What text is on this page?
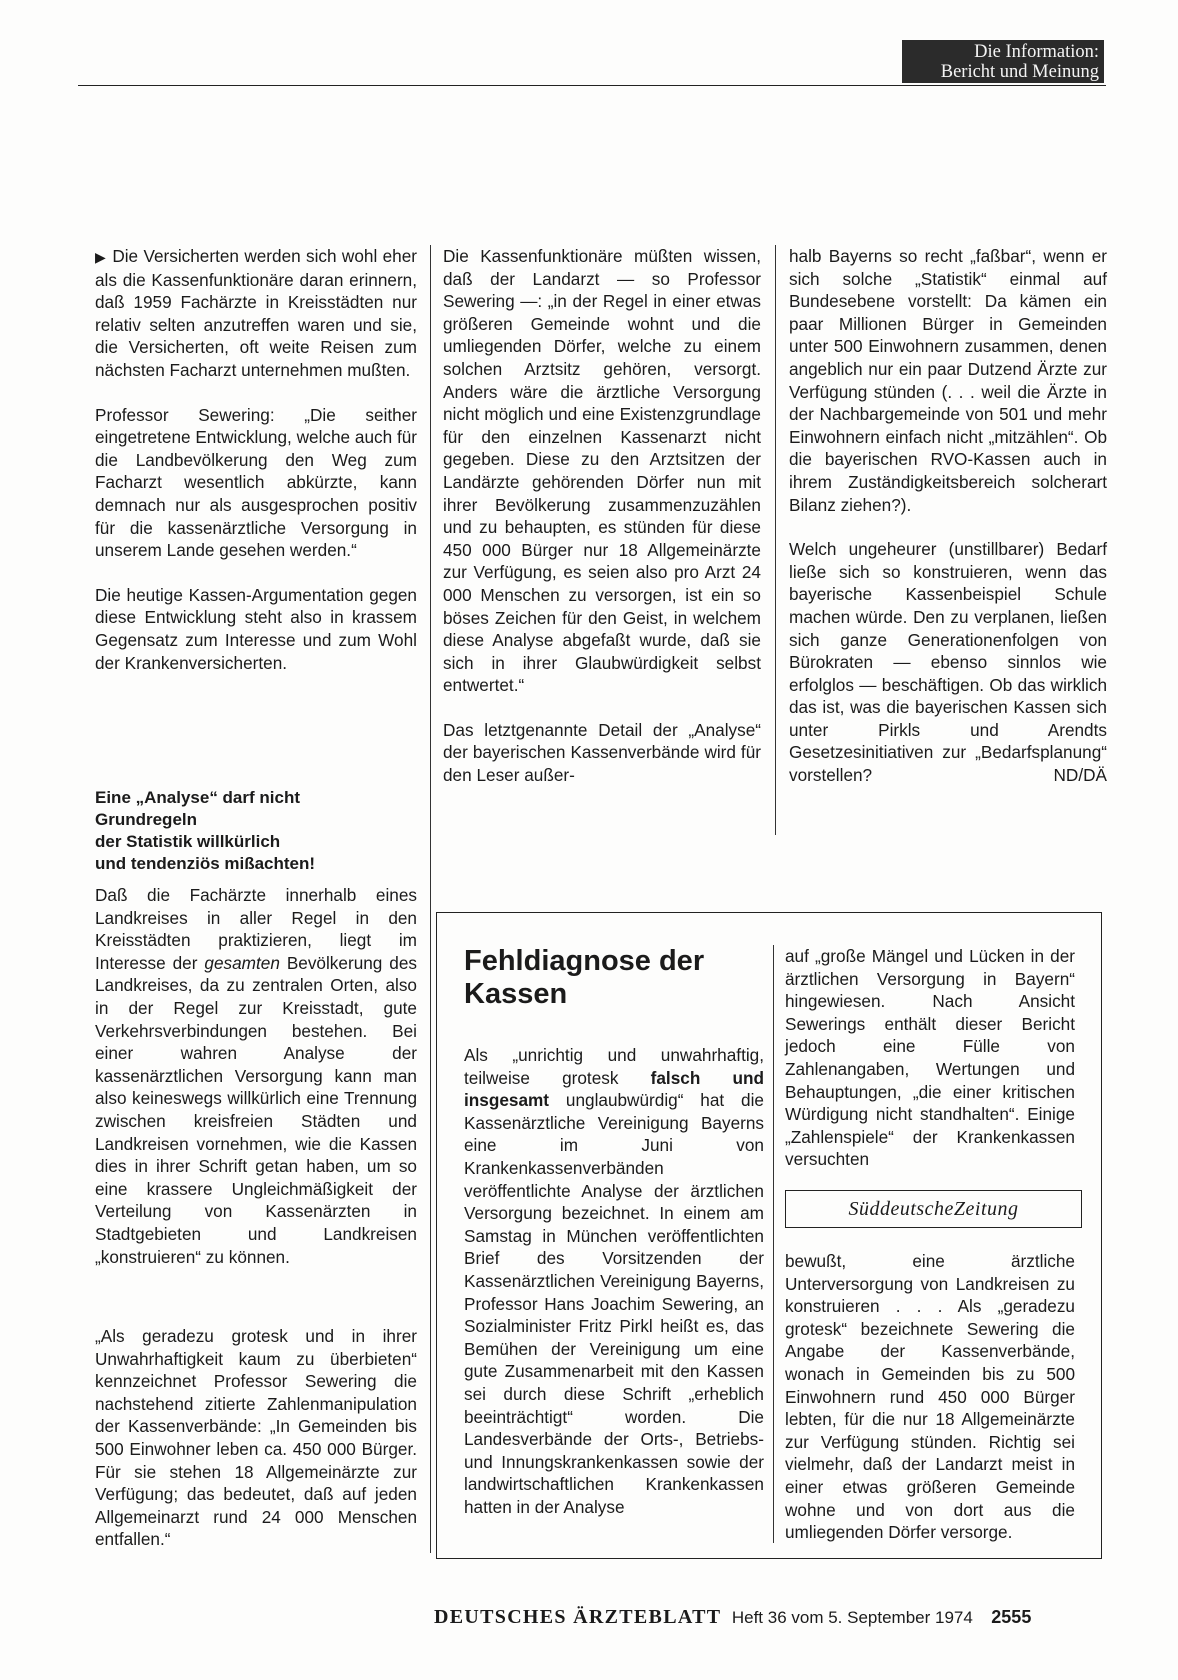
Die Information:
Bericht und Meinung

▶ Die Versicherten werden sich wohl eher als die Kassenfunktionäre daran erinnern, daß 1959 Fachärzte in Kreisstädten nur relativ selten anzutreffen waren und sie, die Versicherten, oft weite Reisen zum nächsten Facharzt unternehmen mußten.

Professor Sewering: „Die seither eingetretene Entwicklung, welche auch für die Landbevölkerung den Weg zum Facharzt wesentlich abkürzte, kann demnach nur als ausgesprochen positiv für die kassenärztliche Versorgung in unserem Lande gesehen werden.“

Die heutige Kassen-Argumentation gegen diese Entwicklung steht also in krassem Gegensatz zum Interesse und zum Wohl der Krankenversicherten.

Eine „Analyse“ darf nicht
Grundregeln
der Statistik willkürlich
und tendenziös mißachten!

Daß die Fachärzte innerhalb eines Landkreises in aller Regel in den Kreisstädten praktizieren, liegt im Interesse der gesamten Bevölkerung des Landkreises, da zu zentralen Orten, also in der Regel zur Kreisstadt, gute Verkehrsverbindungen bestehen. Bei einer wahren Analyse der kassenärztlichen Versorgung kann man also keineswegs willkürlich eine Trennung zwischen kreisfreien Städten und Landkreisen vornehmen, wie die Kassen dies in ihrer Schrift getan haben, um so eine krassere Ungleichmäßigkeit der Verteilung von Kassenärzten in Stadtgebieten und Landkreisen „konstruieren“ zu können.

„Als geradezu grotesk und in ihrer Unwahrhaftigkeit kaum zu überbieten“ kennzeichnet Professor Sewering die nachstehend zitierte Zahlenmanipulation der Kassenverbände: „In Gemeinden bis 500 Einwohner leben ca. 450 000 Bürger. Für sie stehen 18 Allgemeinärzte zur Verfügung; das bedeutet, daß auf jeden Allgemeinarzt rund 24 000 Menschen entfallen.“

Die Kassenfunktionäre müßten wissen, daß der Landarzt — so Professor Sewering —: „in der Regel in einer etwas größeren Gemeinde wohnt und die umliegenden Dörfer, welche zu einem solchen Arztsitz gehören, versorgt. Anders wäre die ärztliche Versorgung nicht möglich und eine Existenzgrundlage für den einzelnen Kassenarzt nicht gegeben. Diese zu den Arztsitzen der Landärzte gehörenden Dörfer nun mit ihrer Bevölkerung zusammenzuzählen und zu behaupten, es stünden für diese 450 000 Bürger nur 18 Allgemeinärzte zur Verfügung, es seien also pro Arzt 24 000 Menschen zu versorgen, ist ein so böses Zeichen für den Geist, in welchem diese Analyse abgefaßt wurde, daß sie sich in ihrer Glaubwürdigkeit selbst entwertet.“

Das letztgenannte Detail der „Analyse“ der bayerischen Kassenverbände wird für den Leser außer-

halb Bayerns so recht „faßbar“, wenn er sich solche „Statistik“ einmal auf Bundesebene vorstellt: Da kämen ein paar Millionen Bürger in Gemeinden unter 500 Einwohnern zusammen, denen angeblich nur ein paar Dutzend Ärzte zur Verfügung stünden (. . . weil die Ärzte in der Nachbargemeinde von 501 und mehr Einwohnern einfach nicht „mitzählen“. Ob die bayerischen RVO-Kassen auch in ihrem Zuständigkeitsbereich solcherart Bilanz ziehen?).

Welch ungeheurer (unstillbarer) Bedarf ließe sich so konstruieren, wenn das bayerische Kassenbeispiel Schule machen würde. Den zu verplanen, ließen sich ganze Generationenfolgen von Bürokraten — ebenso sinnlos wie erfolglos — beschäftigen. Ob das wirklich das ist, was die bayerischen Kassen sich unter Pirkls und Arendts Gesetzesinitiativen zur „Bedarfsplanung“ vorstellen?	ND/DÄ

Fehldiagnose der Kassen
Als „unrichtig und unwahrhaftig, teilweise grotesk falsch und insgesamt unglaubwürdig“ hat die Kassenärztliche Vereinigung Bayerns eine im Juni von Krankenkassenverbänden veröffentlichte Analyse der ärztlichen Versorgung bezeichnet. In einem am Samstag in München veröffentlichten Brief des Vorsitzenden der Kassenärztlichen Vereinigung Bayerns, Professor Hans Joachim Sewering, an Sozialminister Fritz Pirkl heißt es, das Bemühen der Vereinigung um eine gute Zusammenarbeit mit den Kassen sei durch diese Schrift „erheblich beeinträchtigt“ worden. Die Landesverbände der Orts-, Betriebs- und Innungskrankenkassen sowie der landwirtschaftlichen Krankenkassen hatten in der Analyse
auf „große Mängel und Lücken in der ärztlichen Versorgung in Bayern“ hingewiesen. Nach Ansicht Sewerings enthält dieser Bericht jedoch eine Fülle von Zahlenangaben, Wertungen und Behauptungen, „die einer kritischen Würdigung nicht standhalten“. Einige „Zahlenspiele“ der Krankenkassen versuchten
SüddeutscheZeitung
bewußt, eine ärztliche Unterversorgung von Landkreisen zu konstruieren . . . Als „geradezu grotesk“ bezeichnete Sewering die Angabe der Kassenverbände, wonach in Gemeinden bis zu 500 Einwohnern rund 450 000 Bürger lebten, für die nur 18 Allgemeinärzte zur Verfügung stünden. Richtig sei vielmehr, daß der Landarzt meist in einer etwas größeren Gemeinde wohne und von dort aus die umliegenden Dörfer versorge.
DEUTSCHES ÄRZTEBLATT Heft 36 vom 5. September 1974 2555
